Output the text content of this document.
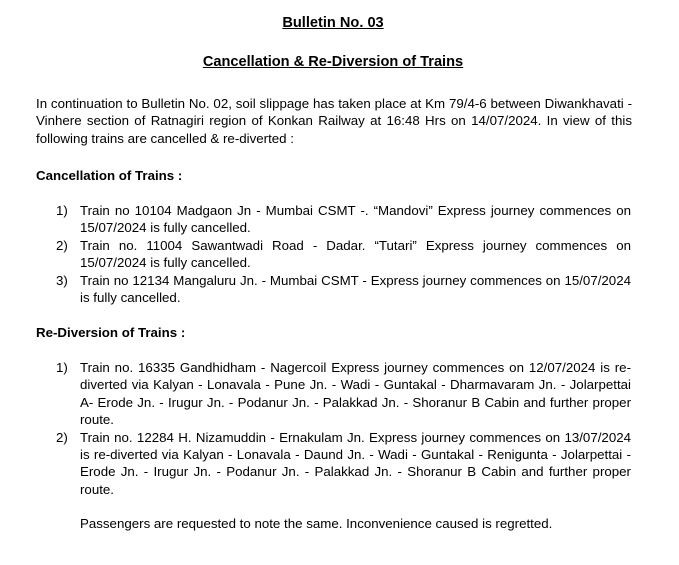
Bulletin No. 03
Cancellation & Re-Diversion of Trains
In continuation to Bulletin No. 02, soil slippage has taken place at Km 79/4-6 between Diwankhavati - Vinhere section of Ratnagiri region of Konkan Railway at 16:48 Hrs on 14/07/2024. In view of this following trains are cancelled & re-diverted :
Cancellation of Trains :
1) Train no 10104 Madgaon Jn - Mumbai CSMT -. “Mandovi” Express journey commences on 15/07/2024 is fully cancelled.
2) Train no. 11004 Sawantwadi Road - Dadar. “Tutari” Express journey commences on 15/07/2024 is fully cancelled.
3) Train no 12134 Mangaluru Jn. - Mumbai CSMT - Express journey commences on 15/07/2024 is fully cancelled.
Re-Diversion of Trains :
1) Train no. 16335 Gandhidham - Nagercoil Express journey commences on 12/07/2024 is re-diverted via Kalyan - Lonavala - Pune Jn. - Wadi - Guntakal - Dharmavaram Jn. - Jolarpettai A- Erode Jn. - Irugur Jn. - Podanur Jn. - Palakkad Jn. - Shoranur B Cabin and further proper route.
2) Train no. 12284 H. Nizamuddin - Ernakulam Jn. Express journey commences on 13/07/2024 is re-diverted via Kalyan - Lonavala - Daund Jn. - Wadi - Guntakal - Renigunta - Jolarpettai - Erode Jn. - Irugur Jn. - Podanur Jn. - Palakkad Jn. - Shoranur B Cabin and further proper route.
Passengers are requested to note the same. Inconvenience caused is regretted.
